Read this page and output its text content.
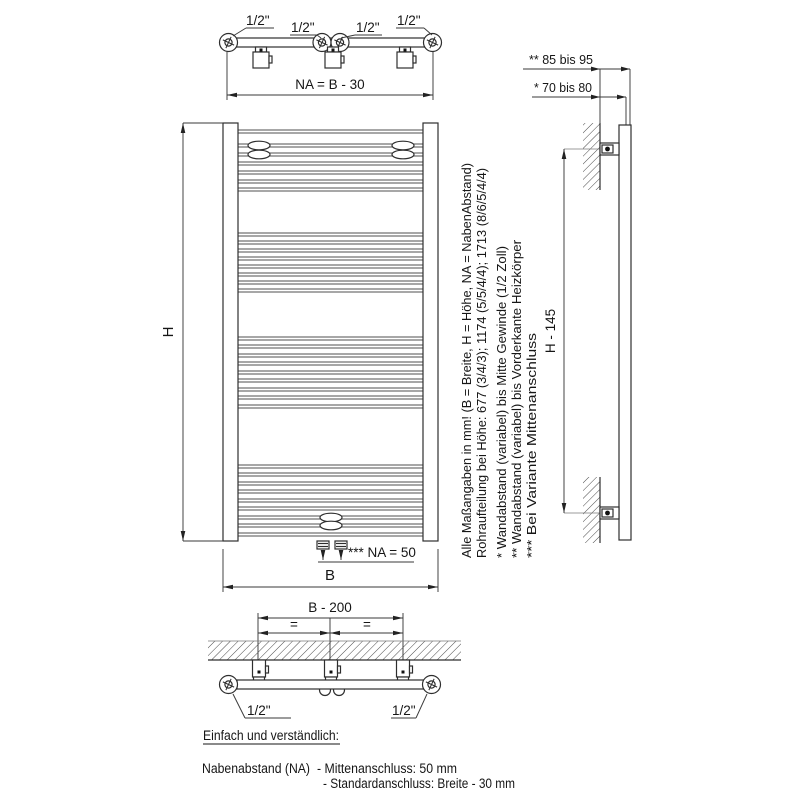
NA = B - 30
1/2" 1/2"	1/2" 1/2"
H
B
*** NA = 50
** 85 bis 95
* 70 bis 80
H - 145
B - 200
=	=
1/2"	1/2"
Alle Maßangaben in mm! (B = Breite, H = Höhe, NA = NabenAbstand) Rohraufteilung bei Höhe: 677 (3/4/3); 1174 (5/5/4/4); 1713 (8/6/5/4/4) * Wandabstand (variabel) bis Mitte Gewinde (1/2 Zoll) ** Wandabstand (variabel) bis Vorderkante Heizkörper *** Bei Variante Mittenanschluss
Einfach und verständlich:
Nabenabstand (NA) - Mittenanschluss: 50 mm
- Standardanschluss: Breite - 30 mm
